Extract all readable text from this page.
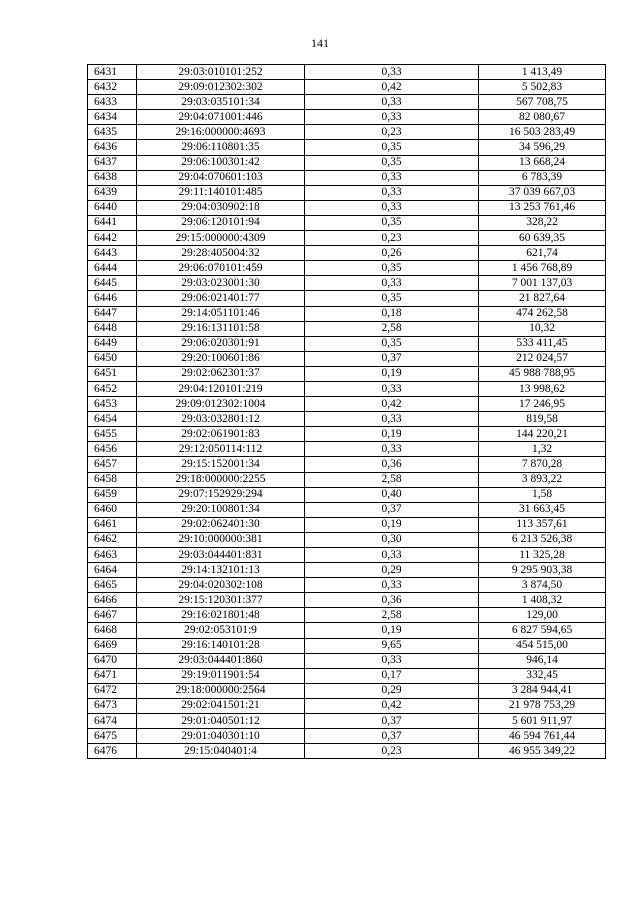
141
6431	29:03:010101:252	0,33	1 413,49
6432	29:09:012302:302	0,42	5 502,83
6433	29:03:035101:34	0,33	567 708,75
6434	29:04:071001:446	0,33	82 080,67
6435	29:16:000000:4693	0,23	16 503 283,49
6436	29:06:110801:35	0,35	34 596,29
6437	29:06:100301:42	0,35	13 668,24
6438	29:04:070601:103	0,33	6 783,39
6439	29:11:140101:485	0,33	37 039 667,03
6440	29:04:030902:18	0,33	13 253 761,46
6441	29:06:120101:94	0,35	328,22
6442	29:15:000000:4309	0,23	60 639,35
6443	29:28:405004:32	0,26	621,74
6444	29:06:070101:459	0,35	1 456 768,89
6445	29:03:023001:30	0,33	7 001 137,03
6446	29:06:021401:77	0,35	21 827,64
6447	29:14:051101:46	0,18	474 262,58
6448	29:16:131101:58	2,58	10,32
6449	29:06:020301:91	0,35	533 411,45
6450	29:20:100601:86	0,37	212 024,57
6451	29:02:062301:37	0,19	45 988 788,95
6452	29:04:120101:219	0,33	13 998,62
6453	29:09:012302:1004	0,42	17 246,95
6454	29:03:032801:12	0,33	819,58
6455	29:02:061901:83	0,19	144 220,21
6456	29:12:050114:112	0,33	1,32
6457	29:15:152001:34	0,36	7 870,28
6458	29:18:000000:2255	2,58	3 893,22
6459	29:07:152929:294	0,40	1,58
6460	29:20:100801:34	0,37	31 663,45
6461	29:02:062401:30	0,19	113 357,61
6462	29:10:000000:381	0,30	6 213 526,38
6463	29:03:044401:831	0,33	11 325,28
6464	29:14:132101:13	0,29	9 295 903,38
6465	29:04:020302:108	0,33	3 874,50
6466	29:15:120301:377	0,36	1 408,32
6467	29:16:021801:48	2,58	129,00
6468	29:02:053101:9	0,19	6 827 594,65
6469	29:16:140101:28	9,65	454 515,00
6470	29:03:044401:860	0,33	946,14
6471	29:19:011901:54	0,17	332,45
6472	29:18:000000:2564	0,29	3 284 944,41
6473	29:02:041501:21	0,42	21 978 753,29
6474	29:01:040501:12	0,37	5 601 911,97
6475	29:01:040301:10	0,37	46 594 761,44
6476	29:15:040401:4	0,23	46 955 349,22
